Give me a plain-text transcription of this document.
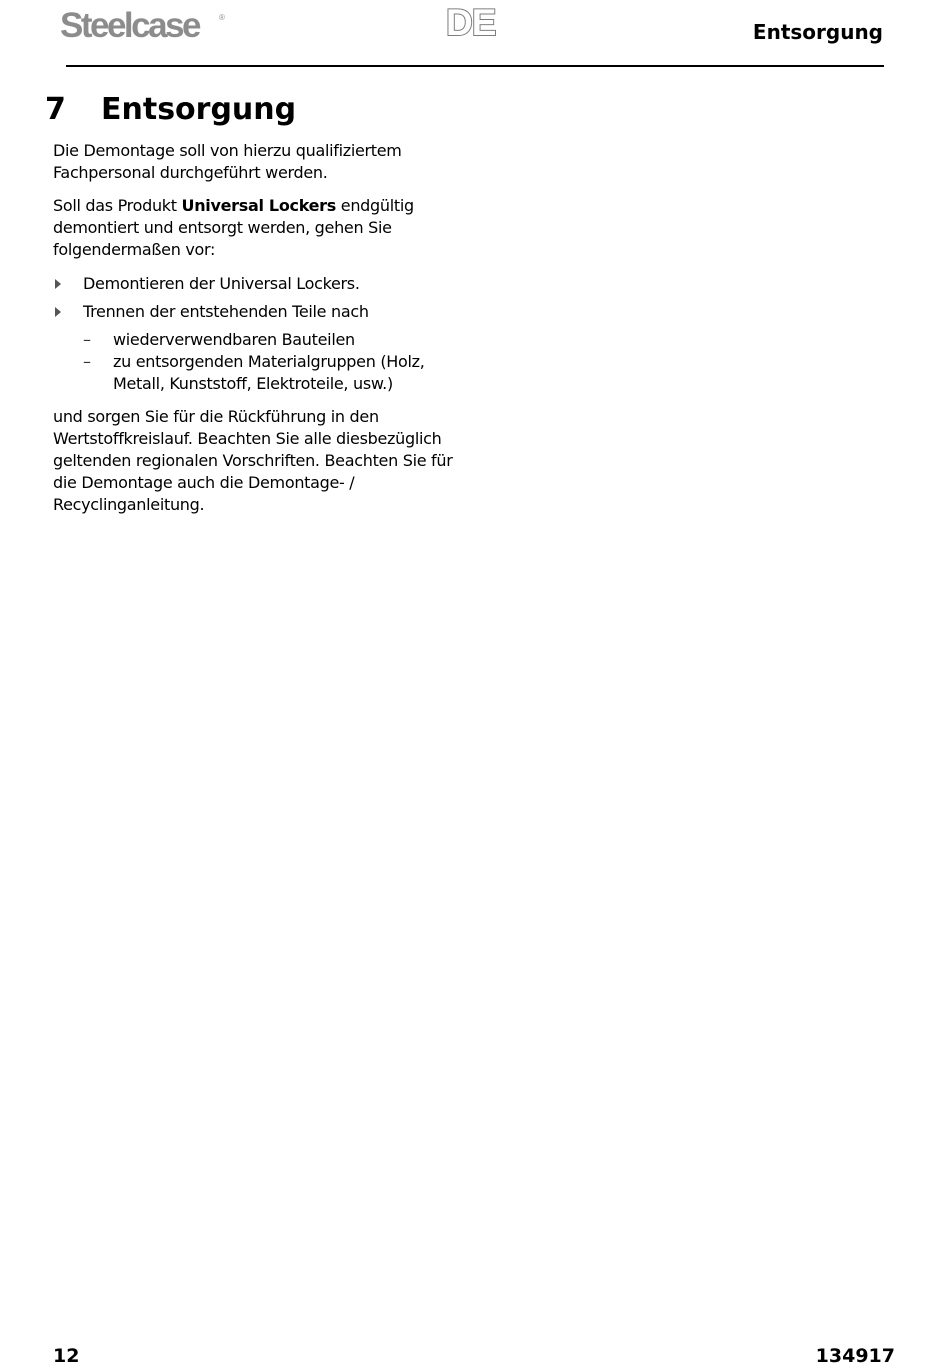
Steelcase ®	DE	Entsorgung
7 Entsorgung
Die Demontage soll von hierzu qualifiziertem
Fachpersonal durchgeführt werden.
Soll das Produkt Universal Lockers endgültig
demontiert und entsorgt werden, gehen Sie
folgendermaßen vor:
Demontieren der Universal Lockers.
Trennen der entstehenden Teile nach
– wiederverwendbaren Bauteilen
– zu entsorgenden Materialgruppen (Holz,
Metall, Kunststoff, Elektroteile, usw.)
und sorgen Sie für die Rückführung in den
Wertstoffkreislauf. Beachten Sie alle diesbezüglich
geltenden regionalen Vorschriften. Beachten Sie für
die Demontage auch die Demontage- /
Recyclinganleitung.
12	134917
